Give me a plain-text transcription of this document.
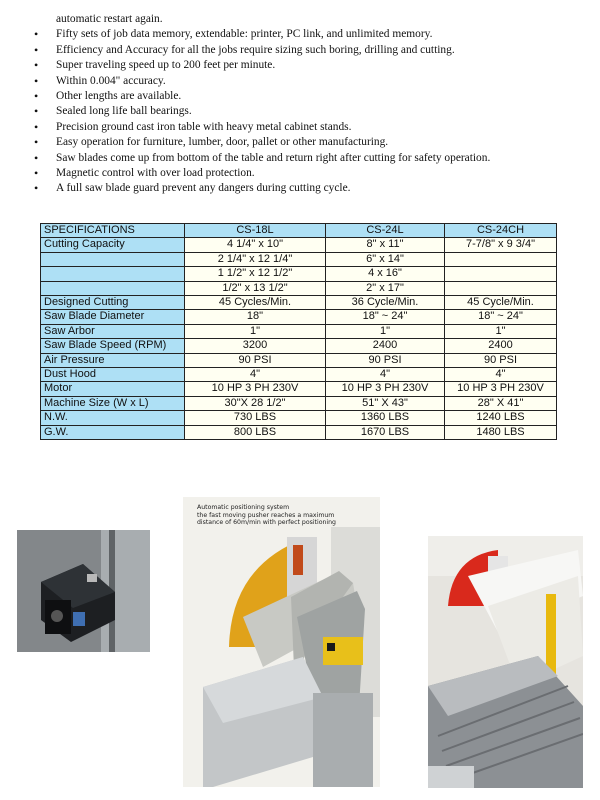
automatic restart again.
• Fifty sets of job data memory, extendable: printer, PC link, and unlimited memory.
• Efficiency and Accuracy for all the jobs require sizing such boring, drilling and cutting.
• Super traveling speed up to 200 feet per minute.
• Within 0.004" accuracy.
• Other lengths are available.
• Sealed long life ball bearings.
• Precision ground cast iron table with heavy metal cabinet stands.
• Easy operation for furniture, lumber, door, pallet or other manufacturing.
• Saw blades come up from bottom of the table and return right after cutting for safety operation.
• Magnetic control with over load protection.
• A full saw blade guard prevent any dangers during cutting cycle.
SPECIFICATIONS	CS-18L	CS-24L	CS-24CH
Cutting Capacity	4 1/4" x 10"	8" x 11"	7-7/8" x 9 3/4"
	2 1/4" x 12 1/4"	6" x 14"	
	1 1/2" x 12 1/2"	4 x 16"	
	1/2" x 13 1/2"	2" x 17"	
Designed Cutting	45 Cycles/Min.	36 Cycle/Min.	45 Cycle/Min.
Saw Blade Diameter	18"	18" ~ 24"	18" ~ 24"
Saw Arbor	1"	1"	1"
Saw Blade Speed (RPM)	3200	2400	2400
Air Pressure	90 PSI	90 PSI	90 PSI
Dust Hood	4"	4"	4"
Motor	10 HP 3 PH 230V	10 HP 3 PH 230V	10 HP 3 PH 230V
Machine Size (W x L)	30"X 28 1/2"	51" X 43"	28" X 41"
N.W.	730 LBS	1360 LBS	1240 LBS
G.W.	800 LBS	1670 LBS	1480 LBS
Automatic positioning system
the fast moving pusher reaches a maximum
distance of 60m/min with perfect positioning
